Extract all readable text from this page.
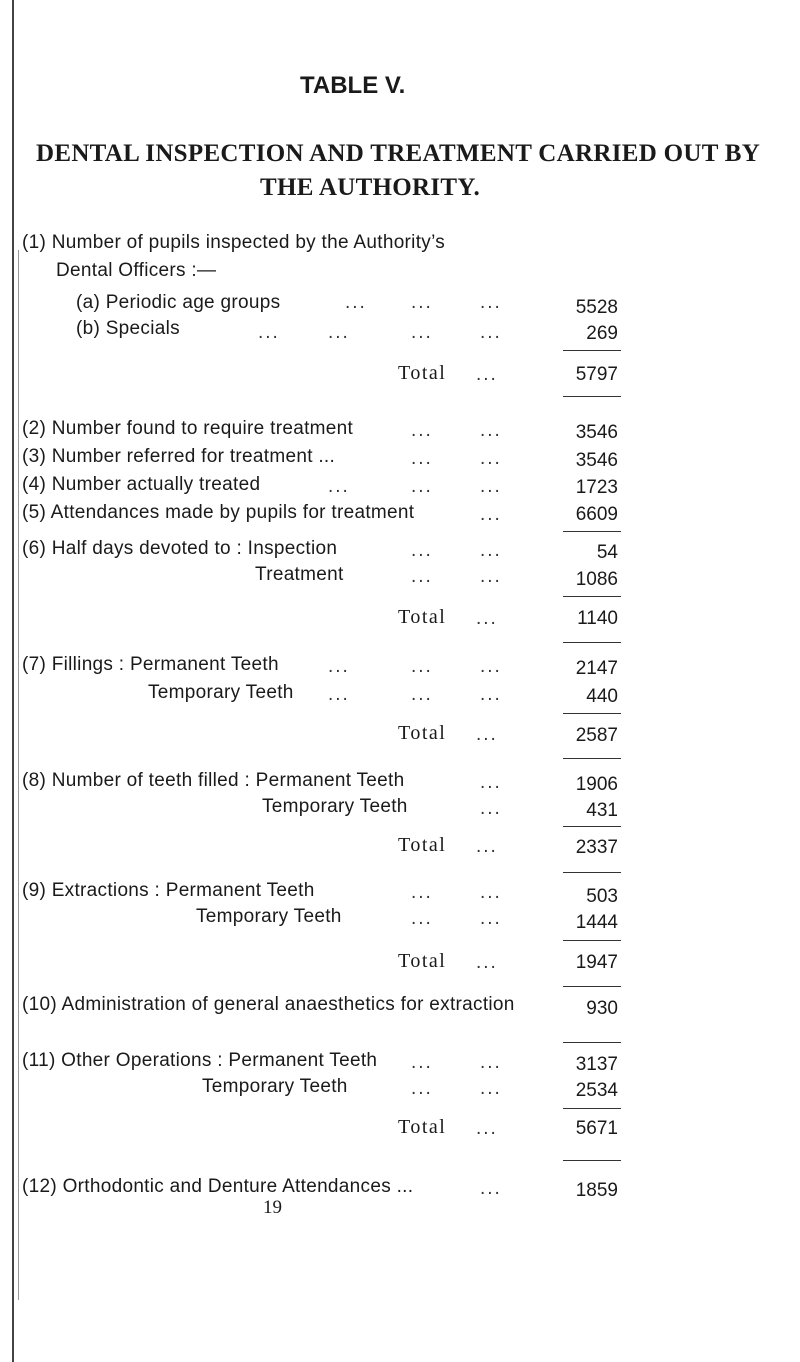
TABLE V.
DENTAL INSPECTION AND TREATMENT CARRIED OUT BY
THE AUTHORITY.
(1) Number of pupils inspected by the Authority’s
Dental Officers :—
(a) Periodic age groups	... ... ...	5528
(b) Specials	...	...	... ...	269
Total ...	5797
(2) Number found to require treatment	... ...	3546
(3) Number referred for treatment ...	... ...	3546
(4) Number actually treated	...	... ...	1723
(5) Attendances made by pupils for treatment	...	6609
(6) Half days devoted to : Inspection	... ...	54
Treatment	... ...	1086
Total ...	1140
(7) Fillings : Permanent Teeth	...	... ...	2147
Temporary Teeth ...	... ...	440
Total ...	2587
(8) Number of teeth filled : Permanent Teeth	...	1906
Temporary Teeth	...	431
Total ...	2337
(9) Extractions : Permanent Teeth	... ...	503
Temporary Teeth	... ...	1444
Total ...	1947
(10) Administration of general anaesthetics for extraction	930
(11) Other Operations : Permanent Teeth ... ...	3137
Temporary Teeth	... ...	2534
Total ...	5671
(12) Orthodontic and Denture Attendances ...	...	1859
19
